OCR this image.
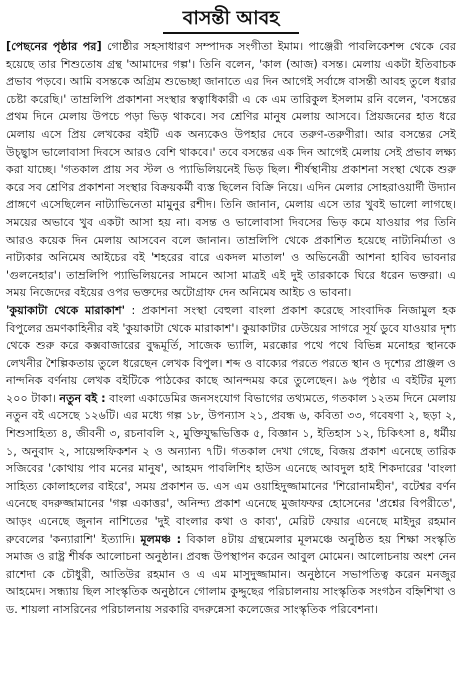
বাসন্তী আবহ

[পেছনের পৃষ্ঠার পর] গোষ্ঠীর সহসাধারণ সম্পাদক সংগীতা ইমাম। পাঞ্জেরী পাবলিকেশন্স থেকে বের হয়েছে তার শিশুতোষ গ্রন্থ 'আমাদের গল্প'। তিনি বলেন, 'কাল (আজ) বসন্ত। মেলায় একটা ইতিবাচক প্রভাব পড়বে। আমি বসন্তকে অগ্রিম শুভেচ্ছা জানাতে এর দিন আগেই সর্বাঙ্গে বাসন্তী আবহ তুলে ধরার চেষ্টা করেছি।' তাম্রলিপি প্রকাশনা সংস্থার স্বত্বাধিকারী এ কে এম তারিকুল ইসলাম রনি বলেন, 'বসন্তের প্রথম দিনে মেলায় উপচে পড়া ভিড় থাকবে। সব শ্রেণির মানুষ মেলায় আসবে। প্রিয়জনের হাত ধরে মেলায় এসে প্রিয় লেখকের বইটি এক অন্যকেও উপহার দেবে তরুণ-তরুণীরা। আর বসন্তের সেই উচ্ছ্বাস ভালোবাসা দিবসে আরও বেশি থাকবে।' তবে বসন্তের এক দিন আগেই মেলায় সেই প্রভাব লক্ষ্য করা যাচ্ছে। 'গতকাল প্রায় সব স্টল ও প্যাভিলিয়নেই ভিড় ছিল। শীর্ষস্থানীয় প্রকাশনা সংস্থা থেকে শুরু করে সব শ্রেণির প্রকাশনা সংস্থার বিক্রয়কর্মী ব্যস্ত ছিলেন বিক্রি নিয়ে। এদিন মেলার সোহরাওয়ার্দী উদ্যান প্রাঙ্গণে এসেছিলেন নাট্যাভিনেতা মামুনুর রশীদ। তিনি জানান, মেলায় এসে তার খুবই ভালো লাগছে। সময়ের অভাবে খুব একটা আসা হয় না। বসন্ত ও ভালোবাসা দিবসের ভিড় কমে যাওয়ার পর তিনি আরও কয়েক দিন মেলায় আসবেন বলে জানান। তাম্রলিপি থেকে প্রকাশিত হয়েছে নাট্যনির্মাতা ও নাট্যকার অনিমেষ আইচের বই 'শহরের বারে একদল মাতাল' ও অভিনেত্রী আশনা হাবিব ভাবনার 'গুলনেহার'। তাম্রলিপি প্যাভিলিয়নের সামনে আসা মাত্রই এই দুই তারকাকে ঘিরে ধরেন ভক্তরা। এ সময় নিজেদের বইয়ের ওপর ভক্তদের অটোগ্রাফ দেন অনিমেষ আইচ ও ভাবনা।

'কুয়াকাটা থেকে মারাকাশ' : প্রকাশনা সংস্থা বেহুলা বাংলা প্রকাশ করেছে সাংবাদিক নিজামুল হক বিপুলের ভ্রমণকাহিনীর বই 'কুয়াকাটা থেকে মারাকাশ'। কুয়াকাটার ঢেউয়ের সাগরে সূর্য ডুবে যাওয়ার দৃশ্য থেকে শুরু করে কক্সবাজারের বুদ্ধমূর্তি, সাজেক ভ্যালি, মরক্কোর পথে পথে বিভিন্ন মনোহর স্থানকে লেখনীর শৈল্পিকতায় তুলে ধরেছেন লেখক বিপুল। শব্দ ও বাক্যের পরতে পরতে স্থান ও দৃশ্যের প্রাঞ্জল ও নান্দনিক বর্ণনায় লেখক বইটিকে পাঠকের কাছে আনন্দময় করে তুলেছেন। ৯৬ পৃষ্ঠার এ বইটির মূল্য ২০০ টাকা। নতুন বই : বাংলা একাডেমির জনসংযোগ বিভাগের তথ্যমতে, গতকাল ১২তম দিনে মেলায় নতুন বই এসেছে ১২৬টি। এর মধ্যে গল্প ১৮, উপন্যাস ২১, প্রবন্ধ ৬, কবিতা ৩৩, গবেষণা ২, ছড়া ২, শিশুসাহিত্য ৪, জীবনী ৩, রচনাবলি ২, মুক্তিযুদ্ধভিত্তিক ৫, বিজ্ঞান ১, ইতিহাস ১২, চিকিৎসা ৪, ধর্মীয় ১, অনুবাদ ২, সায়েন্সফিকশন ২ ও অন্যান্য ৭টি। গতকাল দেখা গেছে, বিজয় প্রকাশ এনেছে তারিক সজিবের 'কোথায় পাব মনের মানুষ', আহমদ পাবলিশিং হাউস এনেছে আবদুল হাই শিকদারের 'বাংলা সাহিত্য কোলাহলের বাইরে', সময় প্রকাশন ড. এস এম ওয়াহিদুজ্জামানের 'শিরোনামহীন', বটেশ্বর বর্ণন এনেছে বদরুজ্জামানের 'গল্প একাত্তর', অনিন্দ্য প্রকাশ এনেছে মুজাফফর হোসেনের 'প্রশ্নের বিপরীতে', আড়ং এনেছে জুনান নাশিতের 'দুই বাংলার কথা ও কাব্য', মেরিট ফেয়ার এনেছে মাইদুর রহমান রুবেলের 'কন্যারাশি' ইত্যাদি। মূলমঞ্চ : বিকাল ৪টায় গ্রন্থমেলার মূলমঞ্চে অনুষ্ঠিত হয় শিক্ষা সংস্কৃতি সমাজ ও রাষ্ট্র শীর্ষক আলোচনা অনুষ্ঠান। প্রবন্ধ উপস্থাপন করেন আবুল মোমেন। আলোচনায় অংশ নেন রাশেদা কে চৌধুরী, আতিউর রহমান ও এ এম মাসুদুজ্জামান। অনুষ্ঠানে সভাপতিত্ব করেন মনজুর আহমেদ। সন্ধ্যায় ছিল সাংস্কৃতিক অনুষ্ঠানে গোলাম কুদ্দুছের পরিচালনায় সাংস্কৃতিক সংগঠন বহ্নিশিখা ও ড. শায়লা নাসরিনের পরিচালনায় সরকারি বদরুন্নেসা কলেজের সাংস্কৃতিক পরিবেশনা।
